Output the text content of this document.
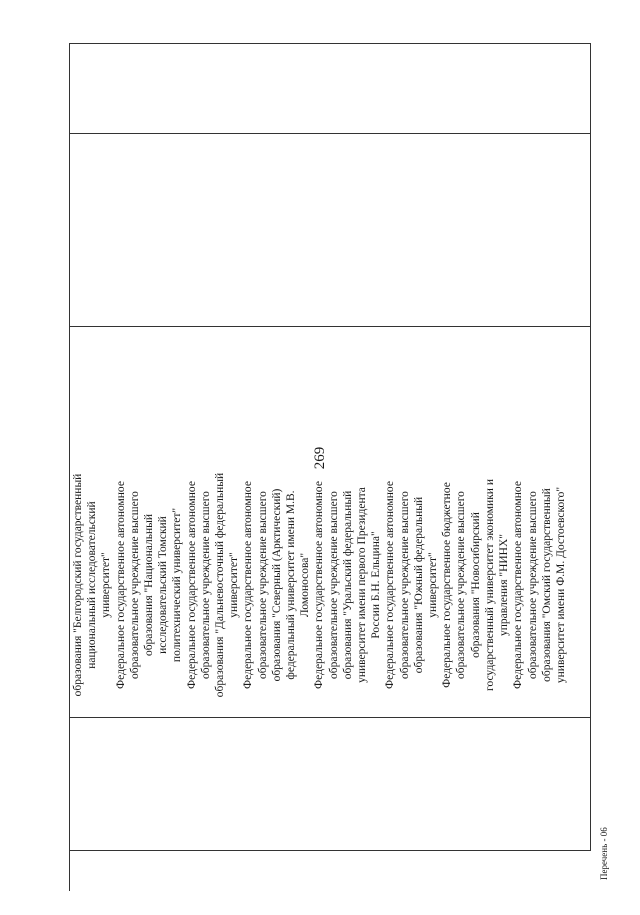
269
образования "Белгородский государственный национальный исследовательский университет" Федеральное государственное автономное образовательное учреждение высшего образования "Национальный исследовательский Томский политехнический университет" Федеральное государственное автономное образовательное учреждение высшего образования "Дальневосточный федеральный университет" Федеральное государственное автономное образовательное учреждение высшего образования "Северный (Арктический) федеральный университет имени М.В. Ломоносова" Федеральное государственное автономное образовательное учреждение высшего образования "Уральский федеральный университет имени первого Президента России Б.Н. Ельцина" Федеральное государственное автономное образовательное учреждение высшего образования "Южный федеральный университет" Федеральное государственное бюджетное образовательное учреждение высшего образования "Новосибирский государственный университет экономики и управления "НИНХ" Федеральное государственное автономное образовательное учреждение высшего образования "Омский государственный университет имени Ф.М. Достоевского"
Перечень - 06
